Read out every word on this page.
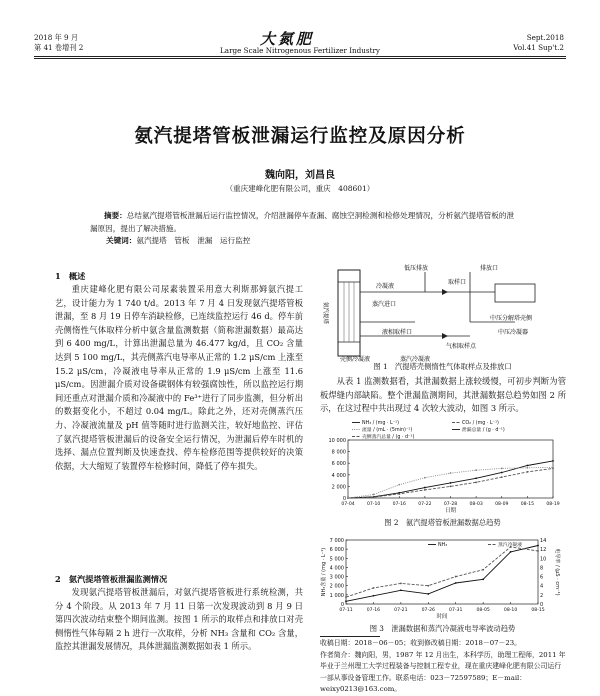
2018 年 9 月
第 41 卷增刊 2	大氮肥
Large Scale Nitrogenous Fertilizer Industry
Sept.2018
Vol.41 Sup't.2
氨汽提塔管板泄漏运行监控及原因分析
魏向阳，刘昌良
（重庆建峰化肥有限公司，重庆　408601）
摘要：总结氨汽提塔管板泄漏后运行监控情况，介绍泄漏停车查漏、腐蚀空洞检测和检修处理情况，分析氨汽提塔管板的泄漏原因，提出了解决措施。
关键词：氨汽提塔　管板　泄漏　运行监控
1　概述

重庆建峰化肥有限公司尿素装置采用意大利斯那姆氨汽提工艺，设计能力为 1 740 t/d。2013 年 7 月 4 日发现氨汽提塔管板泄漏，至 8 月 19 日停车消缺检修，已连续监控运行 46 d。停车前壳侧惰性气体取样分析中氨含量监测数据（简称泄漏数据）最高达到 6 400 mg/L，计算出泄漏总量为 46.477 kg/d，且 CO₂ 含量达到 5 100 mg/L，其壳侧蒸汽电导率从正常的 1.2 μS/cm 上涨至 15.2 μS/cm，冷凝液电导率从正常的 1.9 μS/cm 上涨至 11.6 μS/cm。因泄漏介质对设备碳钢体有较强腐蚀性，所以监控运行期间还重点对泄漏介质和冷凝液中的 Fe³⁺进行了同步监测，但分析出的数据变化小，不超过 0.04 mg/L。除此之外，还对壳侧蒸汽压力、冷凝液流量及 pH 值等随时进行监测关注，较好地监控、评估了氨汽提塔管板泄漏后的设备安全运行情况，为泄漏后停车时机的选择、漏点位置判断及快速查找、停车检修范围等提供较好的决策依据，大大缩短了装置停车检修时间，降低了停车损失。

2　氨汽提塔管板泄漏监测情况

发现氨汽提塔管板泄漏后，对氨汽提塔管板进行系统检测，共分 4 个阶段。从 2013 年 7 月 11 日第一次发现波动到 8 月 9 日第四次波动结束整个期间监测。按图 1 所示的取样点和排放口对壳侧惰性气体每隔 2 h 进行一次取样，分析 NH₃ 含量和 CO₂ 含量，监控其泄漏发展情况，具体泄漏监测数据如表 1 所示。

氨汽提塔
低压排放	排放口
冷凝液
取样口
蒸汽进口
液相取样口
气相取样点
中压分解塔壳侧
中压冷凝器
壳侧冷凝液	蒸汽冷凝液
图 1　汽提塔壳侧惰性气体取样点及排放口

从表 1 监测数据看，其泄漏数据上涨较缓慢，可初步判断为管板焊缝内部缺陷。整个泄漏监测期间，其泄漏数据总趋势如图 2 所示，在这过程中共出现过 4 次较大波动，如图 3 所示。

10 000
8 000
6 000
4 000
2 000
0
07-04	07-10	07-16	07-22	07-28	08-03	08-09	08-15	08-19
日期
NH₃ / (mg · L⁻¹)	CO₂ / (mg · L⁻¹)
流量 / (mL · (5min)⁻¹)	泄漏总量 / (g · d⁻¹)
壳侧蒸汽总量 / (g · d⁻¹)
图 2　氨汽提塔管板泄漏数据总趋势
7 000
6 000
5 000
4 000
3 000
2 000
1 000
0
14
12
10
8
6
4
2
0
07-11	07-16	07-21	07-26	07-31	08-05	08-10	08-15
时间
NH₃含量 / (mg · L⁻¹)	电导率 / (μS · cm⁻¹)
NH₃	蒸汽冷凝液
图 3　泄漏数据和蒸汽冷凝液电导率波动趋势
收稿日期：2018－06－05；收到修改稿日期：2018－07－23。
作者简介：魏向阳，男，1987 年 12 月出生，本科学历，助理工程师，2011 年毕业于兰州理工大学过程装备与控制工程专业，现在重庆建峰化肥有限公司运行一部从事设备管理工作。联系电话：023－72597589；E－mail：weixy0213@163.com。
